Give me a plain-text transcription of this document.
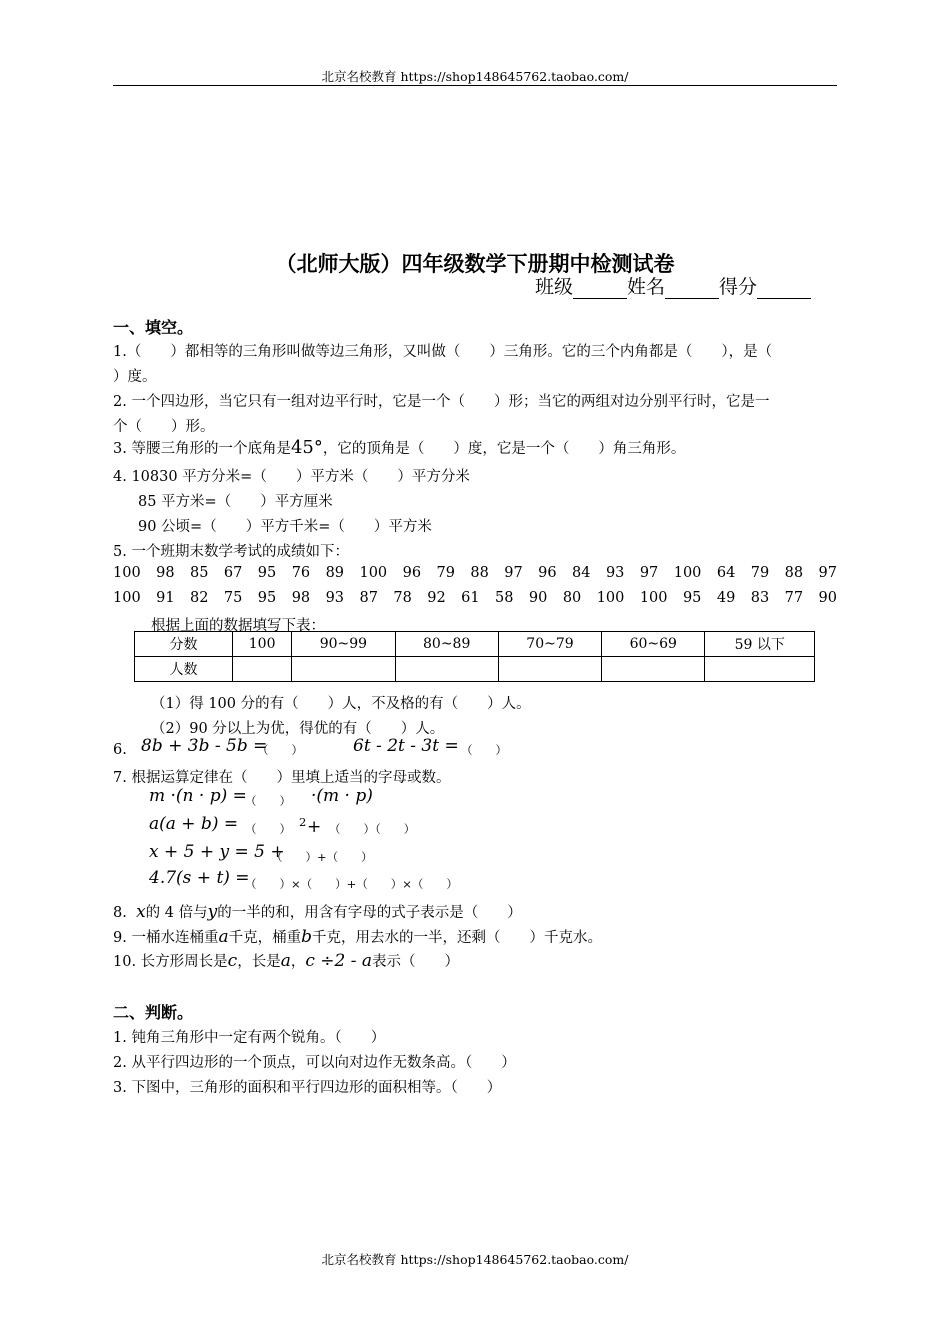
北京名校教育 https://shop148645762.taobao.com/
（北师大版）四年级数学下册期中检测试卷
班级	姓名	得分
一、填空。
1.（　　）都相等的三角形叫做等边三角形，又叫做（　　）三角形。它的三个内角都是（　　），是（
）度。
2. 一个四边形，当它只有一组对边平行时，它是一个（　　）形；当它的两组对边分别平行时，它是一
个（　　）形。
3. 等腰三角形的一个底角是45°，它的顶角是（　　）度，它是一个（　　）角三角形。
4. 10830 平方分米=（　　）平方米（　　）平方分米
85 平方米=（　　）平方厘米
90 公顷=（　　）平方千米=（　　）平方米
5. 一个班期末数学考试的成绩如下：
100 98 85 67 95 76 89 100 96 79 88 97 96 84 93 97 100 64 79 88 97
100 91 82 75 95 98 93 87 78 92 61 58 90 80 100 100 95 49 83 77 90
根据上面的数据填写下表：
分数	100	90~99	80~89	70~79	60~69	59 以下
人数						
（1）得 100 分的有（　　）人，不及格的有（　　）人。
（2）90 分以上为优，得优的有（　　）人。
6. 8b + 3b - 5b =
（　　）	6t - 2t - 3t = （　　）
7. 根据运算定律在（　　）里填上适当的字母或数。
m ·(n · p) =
（　　） ·(m · p)
a(a + b) = （　　） 2 + （　　）（　　）
x + 5 + y = 5 +
（　　）+（　　）
4.7(s + t) =
（　　）×（　　）+（　　）×（　　）
8. x的 4 倍与y的一半的和，用含有字母的式子表示是（　　）
9. 一桶水连桶重a千克，桶重b千克，用去水的一半，还剩（　　）千克水。
10. 长方形周长是c，长是a，c ÷2 - a表示（　　）
二、判断。
1. 钝角三角形中一定有两个锐角。（　　）
2. 从平行四边形的一个顶点，可以向对边作无数条高。（　　）
3. 下图中，三角形的面积和平行四边形的面积相等。（　　）
北京名校教育 https://shop148645762.taobao.com/
